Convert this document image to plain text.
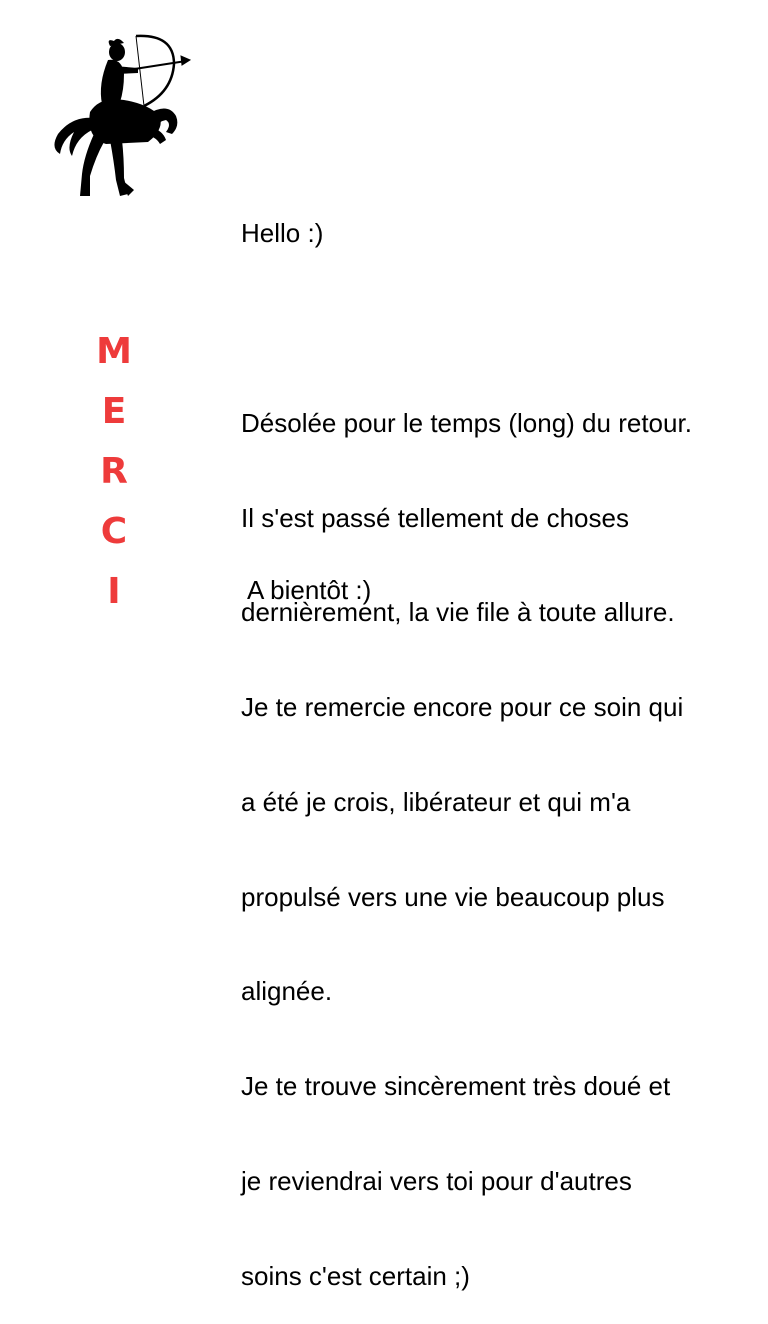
M
E
R
C
I

Hello :)

Désolée pour le temps (long) du retour.

Il s'est passé tellement de choses

dernièrement, la vie file à toute allure.

Je te remercie encore pour ce soin qui

a été je crois, libérateur et qui m'a

propulsé vers une vie beaucoup plus

alignée.

Je te trouve sincèrement très doué et

je reviendrai vers toi pour d'autres

soins c'est certain ;)

A bientôt :)
